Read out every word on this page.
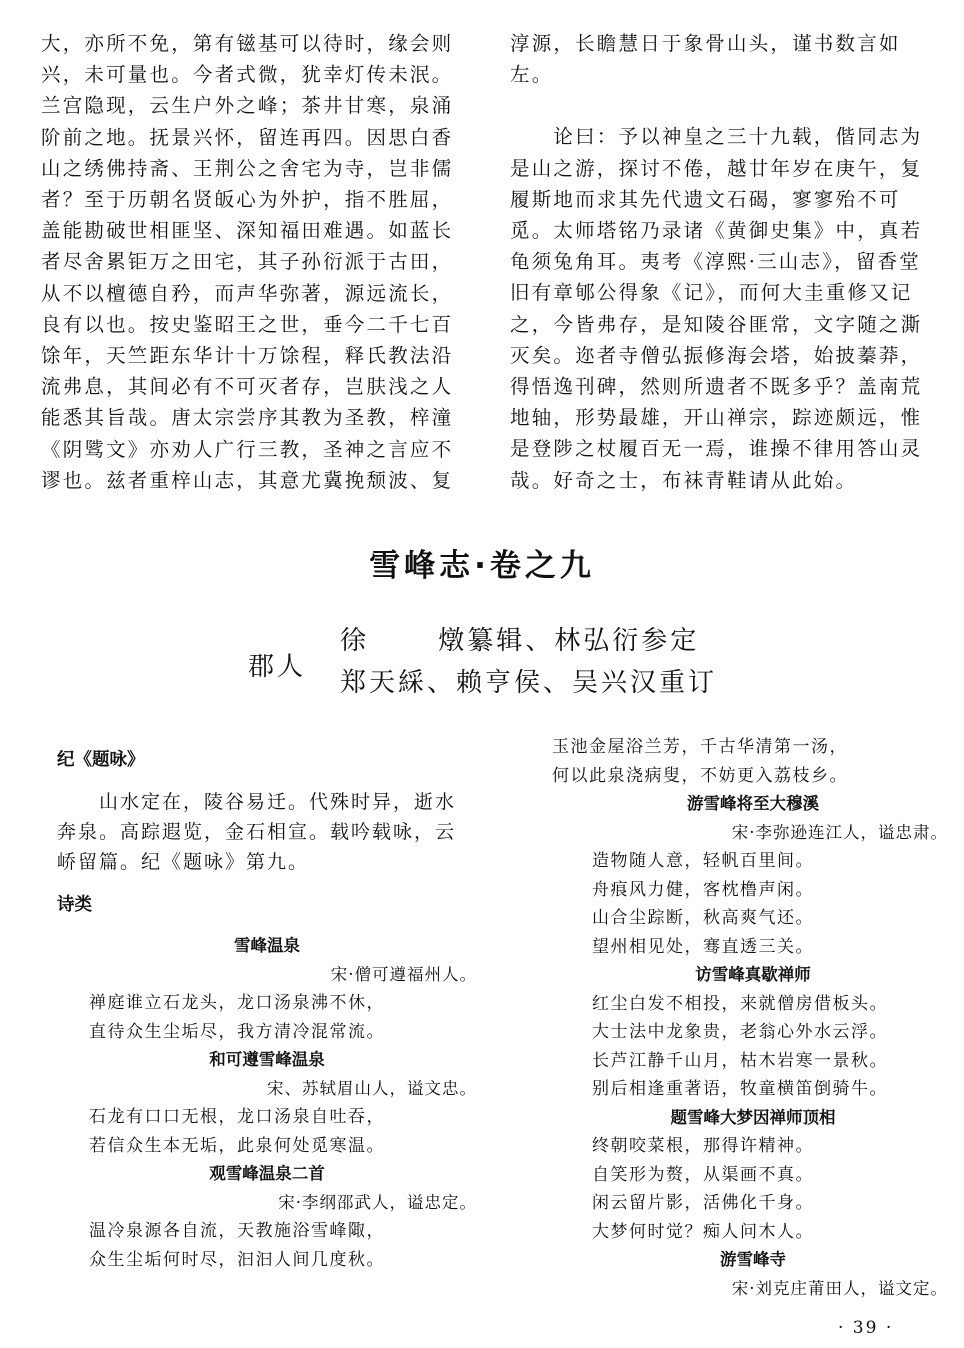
大，亦所不免，第有镃基可以待时，缘会则

兴，未可量也。今者式微，犹幸灯传未泯。

兰宫隐现，云生户外之峰；茶井甘寒，泉涌

阶前之地。抚景兴怀，留连再四。因思白香

山之绣佛持斋、王荆公之舍宅为寺，岂非儒

者？至于历朝名贤皈心为外护，指不胜屈，

盖能勘破世相匪坚、深知福田难遇。如蓝长

者尽舍累钜万之田宅，其子孙衍派于古田，

从不以檀德自矜，而声华弥著，源远流长，

良有以也。按史鉴昭王之世，垂今二千七百

馀年，天竺距东华计十万馀程，释氏教法沿

流弗息，其间必有不可灭者存，岂肤浅之人

能悉其旨哉。唐太宗尝序其教为圣教，梓潼

《阴骘文》亦劝人广行三教，圣神之言应不

谬也。兹者重梓山志，其意尤冀挽颓波、复

淳源，长瞻慧日于象骨山头，谨书数言如

左。

　　论曰：予以神皇之三十九载，偕同志为

是山之游，探讨不倦，越廿年岁在庚午，复

履斯地而求其先代遗文石碣，寥寥殆不可

觅。太师塔铭乃录诸《黄御史集》中，真若

龟须兔角耳。夷考《淳熙·三山志》，留香堂

旧有章郇公得象《记》，而何大圭重修又记

之，今皆弗存，是知陵谷匪常，文字随之澌

灭矣。迩者寺僧弘振修海会塔，始披蓁莽，

得悟逸刊碑，然则所遗者不既多乎？盖南荒

地轴，形势最雄，开山禅宗，踪迹颇远，惟

是登陟之杖履百无一焉，谁操不律用答山灵

哉。好奇之士，布袜青鞋请从此始。

雪峰志·卷之九
郡人
徐　　 燉纂辑、林弘衍参定
郑天綵、赖亨侯、吴兴汉重订
纪《题咏》

　　山水定在，陵谷易迁。代殊时异，逝水

奔泉。高踪遐览，金石相宣。载吟载咏，云

峤留篇。纪《题咏》第九。

诗类
雪峰温泉
宋·僧可遵福州人。
禅庭谁立石龙头，龙口汤泉沸不休，
直待众生尘垢尽，我方清冷混常流。
和可遵雪峰温泉
宋、苏轼眉山人，谥文忠。
石龙有口口无根，龙口汤泉自吐吞，
若信众生本无垢，此泉何处觅寒温。
观雪峰温泉二首
宋·李纲邵武人，谥忠定。
温冷泉源各自流，天教施浴雪峰陬，
众生尘垢何时尽，汩汩人间几度秋。

玉池金屋浴兰芳，千古华清第一汤，

何以此泉浇病叟，不妨更入荔枝乡。

游雪峰将至大穆溪
宋·李弥逊连江人，谥忠肃。
造物随人意，轻帆百里间。
舟痕风力健，客枕橹声闲。
山合尘踪断，秋高爽气还。
望州相见处，骞直透三关。
访雪峰真歇禅师
红尘白发不相投，来就僧房借板头。
大士法中龙象贵，老翁心外水云浮。
长芦江静千山月，枯木岩寒一景秋。
别后相逢重著语，牧童横笛倒骑牛。
题雪峰大梦因禅师顶相
终朝咬菜根，那得许精神。
自笑形为赘，从渠画不真。
闲云留片影，活佛化千身。
大梦何时觉？痴人问木人。
游雪峰寺
宋·刘克庄莆田人，谥文定。
· 39 ·
